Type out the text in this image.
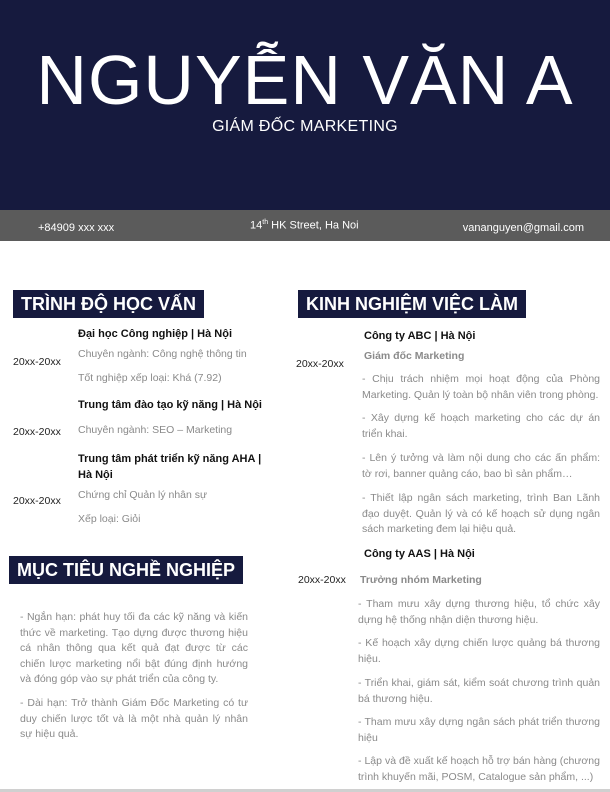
NGUYỄN VĂN A
GIÁM ĐỐC MARKETING
+84909 xxx xxx	14th HK Street, Ha Noi	vananguyen@gmail.com
TRÌNH ĐỘ HỌC VẤN
20xx-20xx
Đại học Công nghiệp | Hà Nội
Chuyên ngành: Công nghệ thông tin
Tốt nghiệp xếp loại: Khá (7.92)
20xx-20xx
Trung tâm đào tạo kỹ năng | Hà Nội
Chuyên ngành: SEO – Marketing
20xx-20xx
Trung tâm phát triển kỹ năng AHA |
Hà Nội
Chứng chỉ Quản lý nhân sự
Xếp loại: Giỏi
MỤC TIÊU NGHỀ NGHIỆP
- Ngắn hạn: phát huy tối đa các kỹ năng và kiến thức về marketing. Tạo dựng được thương hiệu cá nhân thông qua kết quả đạt được từ các chiến lược marketing nổi bật đúng định hướng và đóng góp vào sự phát triển của công ty.
- Dài hạn: Trở thành Giám Đốc Marketing có tư duy chiến lược tốt và là một nhà quản lý nhân sự hiệu quả.
KINH NGHIỆM VIỆC LÀM
Công ty ABC | Hà Nội
20xx-20xx
Giám đốc Marketing
- Chịu trách nhiệm mọi hoạt động của Phòng Marketing. Quản lý toàn bộ nhân viên trong phòng.
- Xây dựng kế hoạch marketing cho các dự án triển khai.
- Lên ý tưởng và làm nội dung cho các ấn phẩm: tờ rơi, banner quảng cáo, bao bì sản phẩm…
- Thiết lập ngân sách marketing, trình Ban Lãnh đạo duyệt. Quản lý và có kế hoạch sử dụng ngân sách marketing đem lại hiệu quả.
Công ty AAS | Hà Nội
20xx-20xx Trưởng nhóm Marketing
- Tham mưu xây dựng thương hiệu, tổ chức xây dựng hệ thống nhận diện thương hiệu.
- Kế hoạch xây dựng chiến lược quảng bá thương hiệu.
- Triển khai, giám sát, kiểm soát chương trình quản bá thương hiệu.
- Tham mưu xây dựng ngân sách phát triển thương hiệu
- Lập và đề xuất kế hoạch hỗ trợ bán hàng (chương trình khuyến mãi, POSM, Catalogue sản phẩm, ...)
